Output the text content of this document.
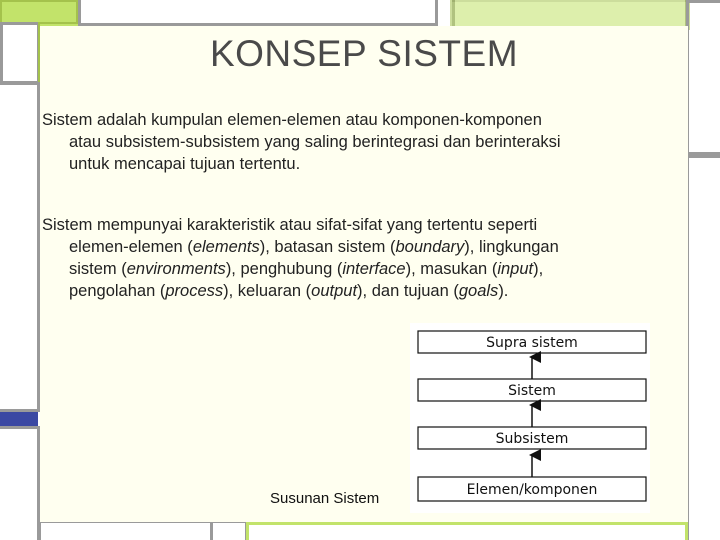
KONSEP SISTEM
Sistem adalah kumpulan elemen-elemen atau komponen-komponen
atau subsistem-subsistem yang saling berintegrasi dan berinteraksi
untuk mencapai tujuan tertentu.
Sistem mempunyai karakteristik atau sifat-sifat yang tertentu seperti
elemen-elemen (elements), batasan sistem (boundary), lingkungan
sistem (environments), penghubung (interface), masukan (input),
pengolahan (process), keluaran (output), dan tujuan (goals).
Supra sistem
Sistem
Subsistem
Elemen/komponen
Susunan Sistem
